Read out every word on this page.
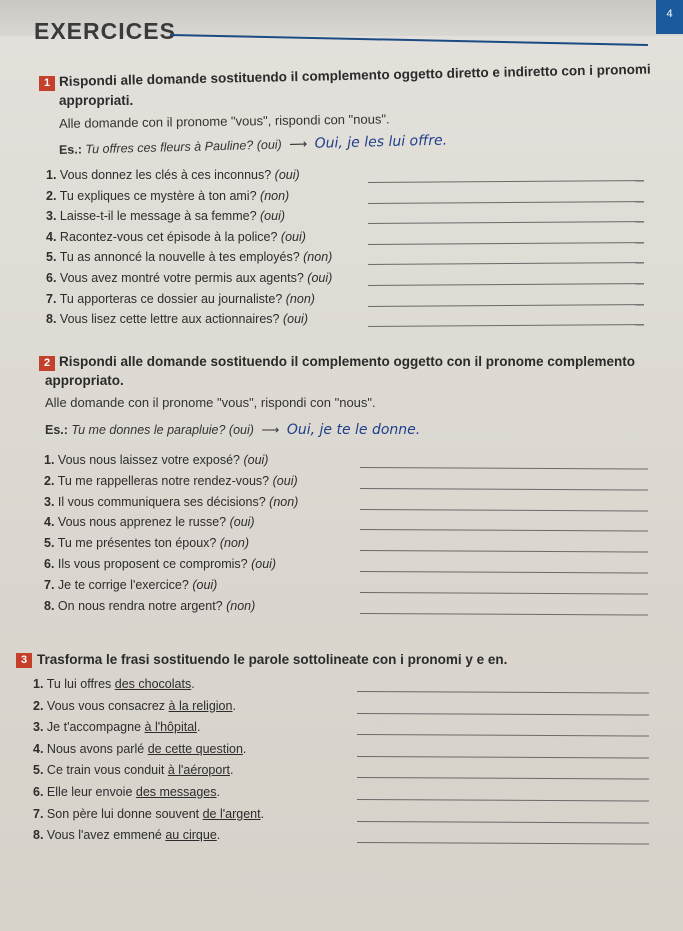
EXERCICES
4
1 Rispondi alle domande sostituendo il complemento oggetto diretto e indiretto con i pronomi
appropriati.
Alle domande con il pronome "vous", rispondi con "nous".
Es.: Tu offres ces fleurs à Pauline? (oui) ⟶ Oui, je les lui offre.
1. Vous donnez les clés à ces inconnus? (oui)
2. Tu expliques ce mystère à ton ami? (non)
3. Laisse-t-il le message à sa femme? (oui)
4. Racontez-vous cet épisode à la police? (oui)
5. Tu as annoncé la nouvelle à tes employés? (non)
6. Vous avez montré votre permis aux agents? (oui)
7. Tu apporteras ce dossier au journaliste? (non)
8. Vous lisez cette lettre aux actionnaires? (oui)
2 Rispondi alle domande sostituendo il complemento oggetto con il pronome complemento
appropriato.
Alle domande con il pronome "vous", rispondi con "nous".
Es.: Tu me donnes le parapluie? (oui) ⟶ Oui, je te le donne.
1. Vous nous laissez votre exposé? (oui)
2. Tu me rappelleras notre rendez-vous? (oui)
3. Il vous communiquera ses décisions? (non)
4. Vous nous apprenez le russe? (oui)
5. Tu me présentes ton époux? (non)
6. Ils vous proposent ce compromis? (oui)
7. Je te corrige l'exercice? (oui)
8. On nous rendra notre argent? (non)
3 Trasforma le frasi sostituendo le parole sottolineate con i pronomi y e en.
1. Tu lui offres des chocolats.
2. Vous vous consacrez à la religion.
3. Je t'accompagne à l'hôpital.
4. Nous avons parlé de cette question.
5. Ce train vous conduit à l'aéroport.
6. Elle leur envoie des messages.
7. Son père lui donne souvent de l'argent.
8. Vous l'avez emmené au cirque.
